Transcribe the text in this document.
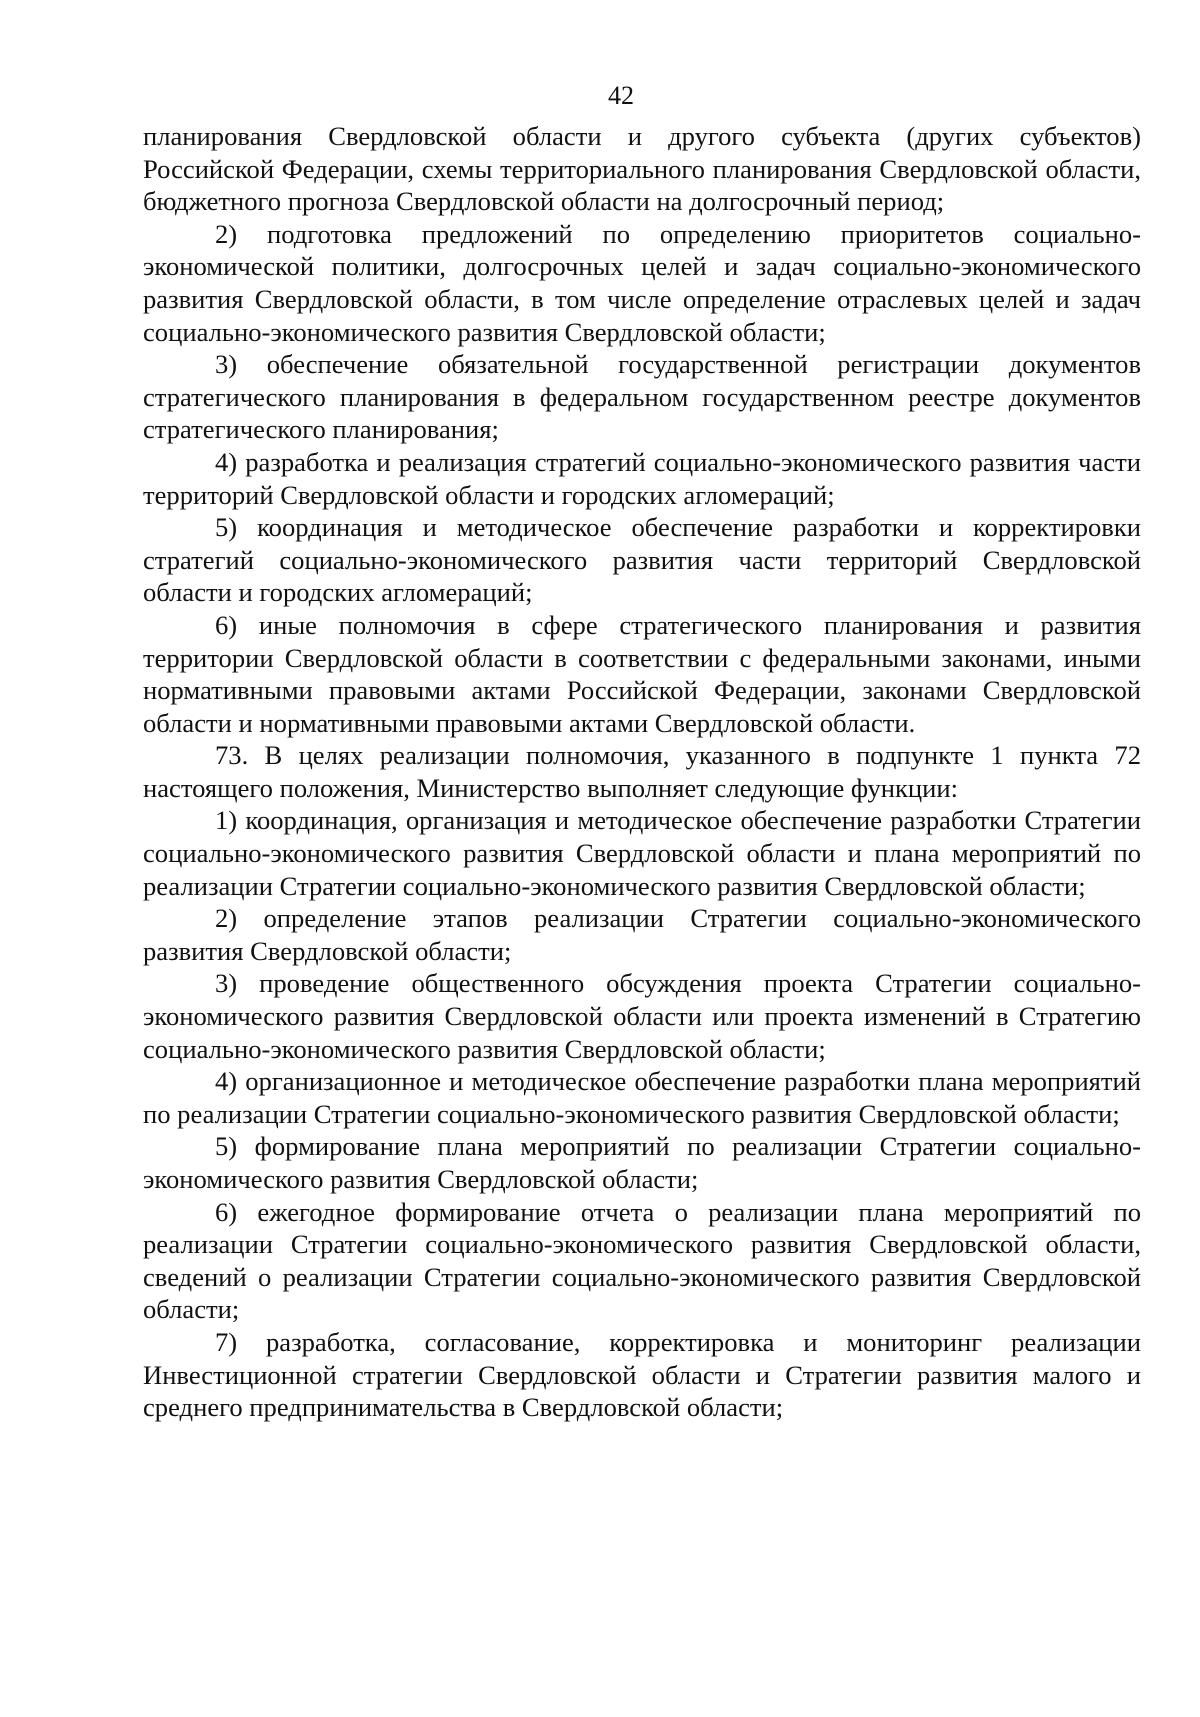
42

планирования Свердловской области и другого субъекта (других субъектов) Российской Федерации, схемы территориального планирования Свердловской области, бюджетного прогноза Свердловской области на долгосрочный период;

2) подготовка предложений по определению приоритетов социально-экономической политики, долгосрочных целей и задач социально-экономического развития Свердловской области, в том числе определение отраслевых целей и задач социально-экономического развития Свердловской области;

3) обеспечение обязательной государственной регистрации документов стратегического планирования в федеральном государственном реестре документов стратегического планирования;

4) разработка и реализация стратегий социально-экономического развития части территорий Свердловской области и городских агломераций;

5) координация и методическое обеспечение разработки и корректировки стратегий социально-экономического развития части территорий Свердловской области и городских агломераций;

6) иные полномочия в сфере стратегического планирования и развития территории Свердловской области в соответствии с федеральными законами, иными нормативными правовыми актами Российской Федерации, законами Свердловской области и нормативными правовыми актами Свердловской области.

73. В целях реализации полномочия, указанного в подпункте 1 пункта 72 настоящего положения, Министерство выполняет следующие функции:

1) координация, организация и методическое обеспечение разработки Стратегии социально-экономического развития Свердловской области и плана мероприятий по реализации Стратегии социально-экономического развития Свердловской области;

2) определение этапов реализации Стратегии социально-экономического развития Свердловской области;

3) проведение общественного обсуждения проекта Стратегии социально-экономического развития Свердловской области или проекта изменений в Стратегию социально-экономического развития Свердловской области;

4) организационное и методическое обеспечение разработки плана мероприятий по реализации Стратегии социально-экономического развития Свердловской области;

5) формирование плана мероприятий по реализации Стратегии социально-экономического развития Свердловской области;

6) ежегодное формирование отчета о реализации плана мероприятий по реализации Стратегии социально-экономического развития Свердловской области, сведений о реализации Стратегии социально-экономического развития Свердловской области;

7) разработка, согласование, корректировка и мониторинг реализации Инвестиционной стратегии Свердловской области и Стратегии развития малого и среднего предпринимательства в Свердловской области;
